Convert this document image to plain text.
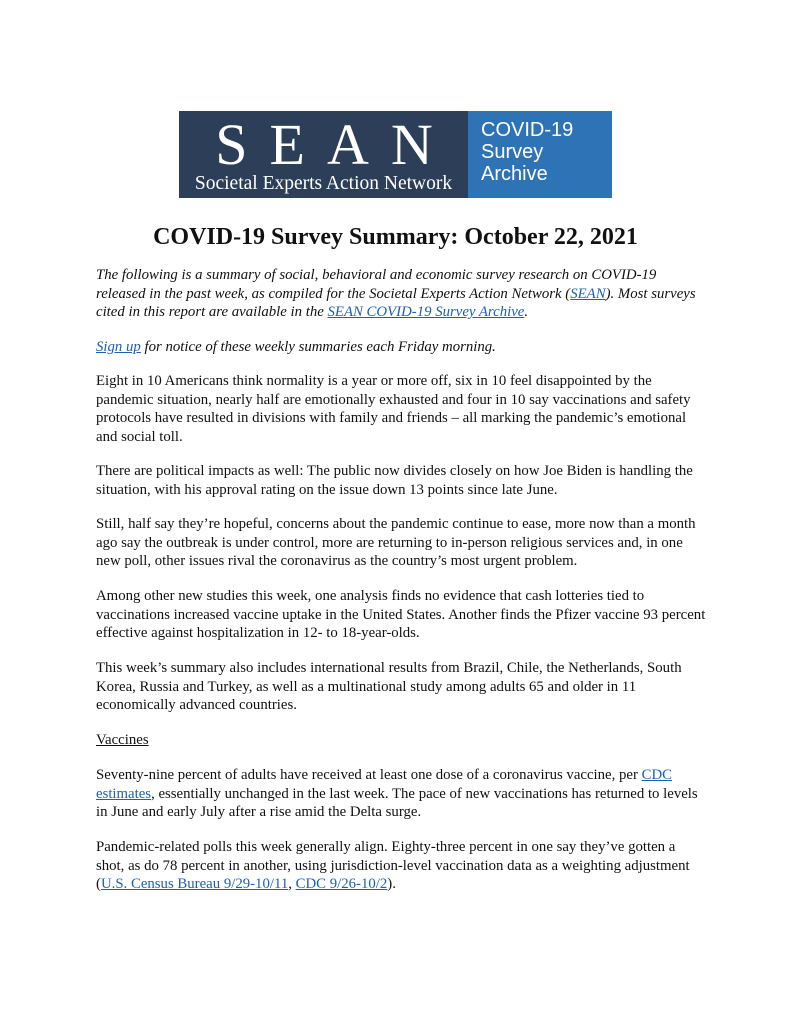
SEAN
Societal Experts Action Network
COVID-19
Survey
Archive
COVID-19 Survey Summary: October 22, 2021

The following is a summary of social, behavioral and economic survey research on COVID-19 released in the past week, as compiled for the Societal Experts Action Network (SEAN). Most surveys cited in this report are available in the SEAN COVID-19 Survey Archive.

Sign up for notice of these weekly summaries each Friday morning.

Eight in 10 Americans think normality is a year or more off, six in 10 feel disappointed by the pandemic situation, nearly half are emotionally exhausted and four in 10 say vaccinations and safety protocols have resulted in divisions with family and friends – all marking the pandemic’s emotional and social toll.

There are political impacts as well: The public now divides closely on how Joe Biden is handling the situation, with his approval rating on the issue down 13 points since late June.

Still, half say they’re hopeful, concerns about the pandemic continue to ease, more now than a month ago say the outbreak is under control, more are returning to in-person religious services and, in one new poll, other issues rival the coronavirus as the country’s most urgent problem.

Among other new studies this week, one analysis finds no evidence that cash lotteries tied to vaccinations increased vaccine uptake in the United States. Another finds the Pfizer vaccine 93 percent effective against hospitalization in 12- to 18-year-olds.

This week’s summary also includes international results from Brazil, Chile, the Netherlands, South Korea, Russia and Turkey, as well as a multinational study among adults 65 and older in 11 economically advanced countries.

Vaccines

Seventy-nine percent of adults have received at least one dose of a coronavirus vaccine, per CDC estimates, essentially unchanged in the last week. The pace of new vaccinations has returned to levels in June and early July after a rise amid the Delta surge.

Pandemic-related polls this week generally align. Eighty-three percent in one say they’ve gotten a shot, as do 78 percent in another, using jurisdiction-level vaccination data as a weighting adjustment (U.S. Census Bureau 9/29-10/11, CDC 9/26-10/2).
